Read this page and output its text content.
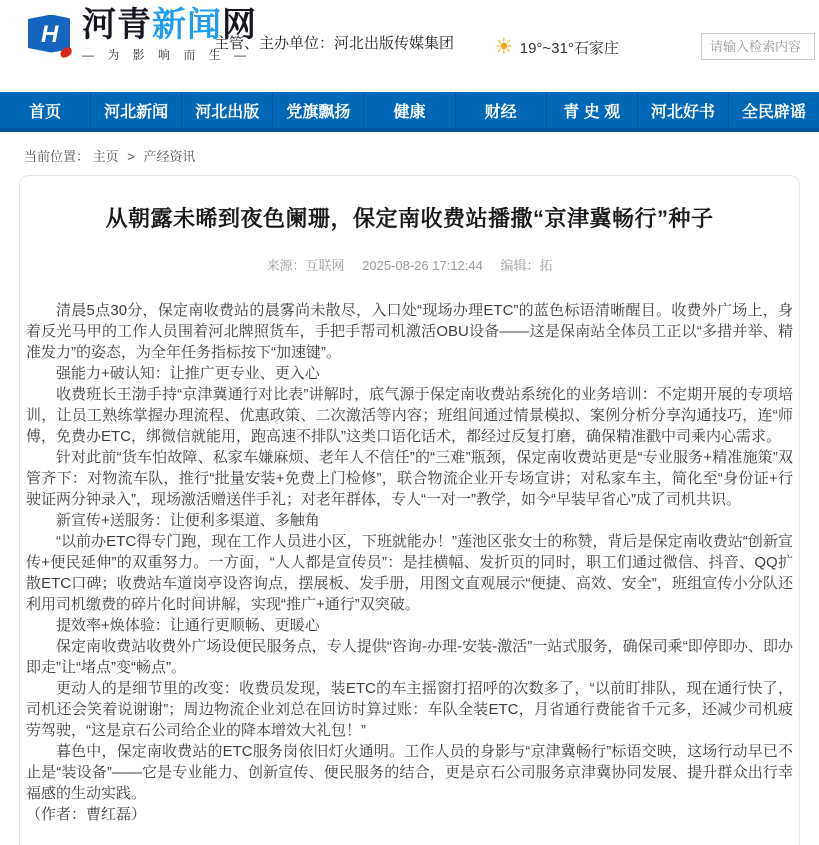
H 河青新闻网
— 为 影 响 而 生 —
主管、主办单位：河北出版传媒集团 ☀ 19°~31°石家庄
请输入检索内容
首页	河北新闻	河北出版	党旗飘扬	健康	财经	青 史 观	河北好书	全民辟谣
当前位置： 主页 > 产经资讯
从朝露未晞到夜色阑珊，保定南收费站播撒“京津冀畅行”种子
来源：互联网 2025-08-26 17:12:44 编辑：拓

清晨5点30分，保定南收费站的晨雾尚未散尽，入口处“现场办理ETC”的蓝色标语清晰醒目。收费外广场上，身着反光马甲的工作人员围着河北牌照货车，手把手帮司机激活OBU设备——这是保南站全体员工正以“多措并举、精准发力”的姿态，为全年任务指标按下“加速键”。

强能力+破认知：让推广更专业、更入心

收费班长王渤手持“京津冀通行对比表”讲解时，底气源于保定南收费站系统化的业务培训：不定期开展的专项培训，让员工熟练掌握办理流程、优惠政策、二次激活等内容；班组间通过情景模拟、案例分析分享沟通技巧，连“师傅，免费办ETC，绑微信就能用，跑高速不排队”这类口语化话术，都经过反复打磨，确保精准戳中司乘内心需求。

针对此前“货车怕故障、私家车嫌麻烦、老年人不信任”的“三难”瓶颈，保定南收费站更是“专业服务+精准施策”双管齐下：对物流车队，推行“批量安装+免费上门检修”，联合物流企业开专场宣讲；对私家车主，简化至“身份证+行驶证两分钟录入”，现场激活赠送伴手礼；对老年群体，专人“一对一”教学，如今“早装早省心”成了司机共识。

新宣传+送服务：让便利多渠道、多触角

“以前办ETC得专门跑，现在工作人员进小区，下班就能办！”莲池区张女士的称赞，背后是保定南收费站“创新宣传+便民延伸”的双重努力。一方面，“人人都是宣传员”：是挂横幅、发折页的同时，职工们通过微信、抖音、QQ扩散ETC口碑；收费站车道岗亭设咨询点，摆展板、发手册，用图文直观展示“便捷、高效、安全”，班组宣传小分队还利用司机缴费的碎片化时间讲解，实现“推广+通行”双突破。

提效率+焕体验：让通行更顺畅、更暖心

保定南收费站收费外广场设便民服务点，专人提供“咨询-办理-安装-激活”一站式服务，确保司乘“即停即办、即办即走”让“堵点”变“畅点”。

更动人的是细节里的改变：收费员发现，装ETC的车主摇窗打招呼的次数多了，“以前盯排队，现在通行快了，司机还会笑着说谢谢”；周边物流企业刘总在回访时算过账：车队全装ETC，月省通行费能省千元多，还减少司机疲劳驾驶，“这是京石公司给企业的降本增效大礼包！”

暮色中，保定南收费站的ETC服务岗依旧灯火通明。工作人员的身影与“京津冀畅行”标语交映，这场行动早已不止是“装设备”——它是专业能力、创新宣传、便民服务的结合，更是京石公司服务京津冀协同发展、提升群众出行幸福感的生动实践。

（作者：曹红磊）
